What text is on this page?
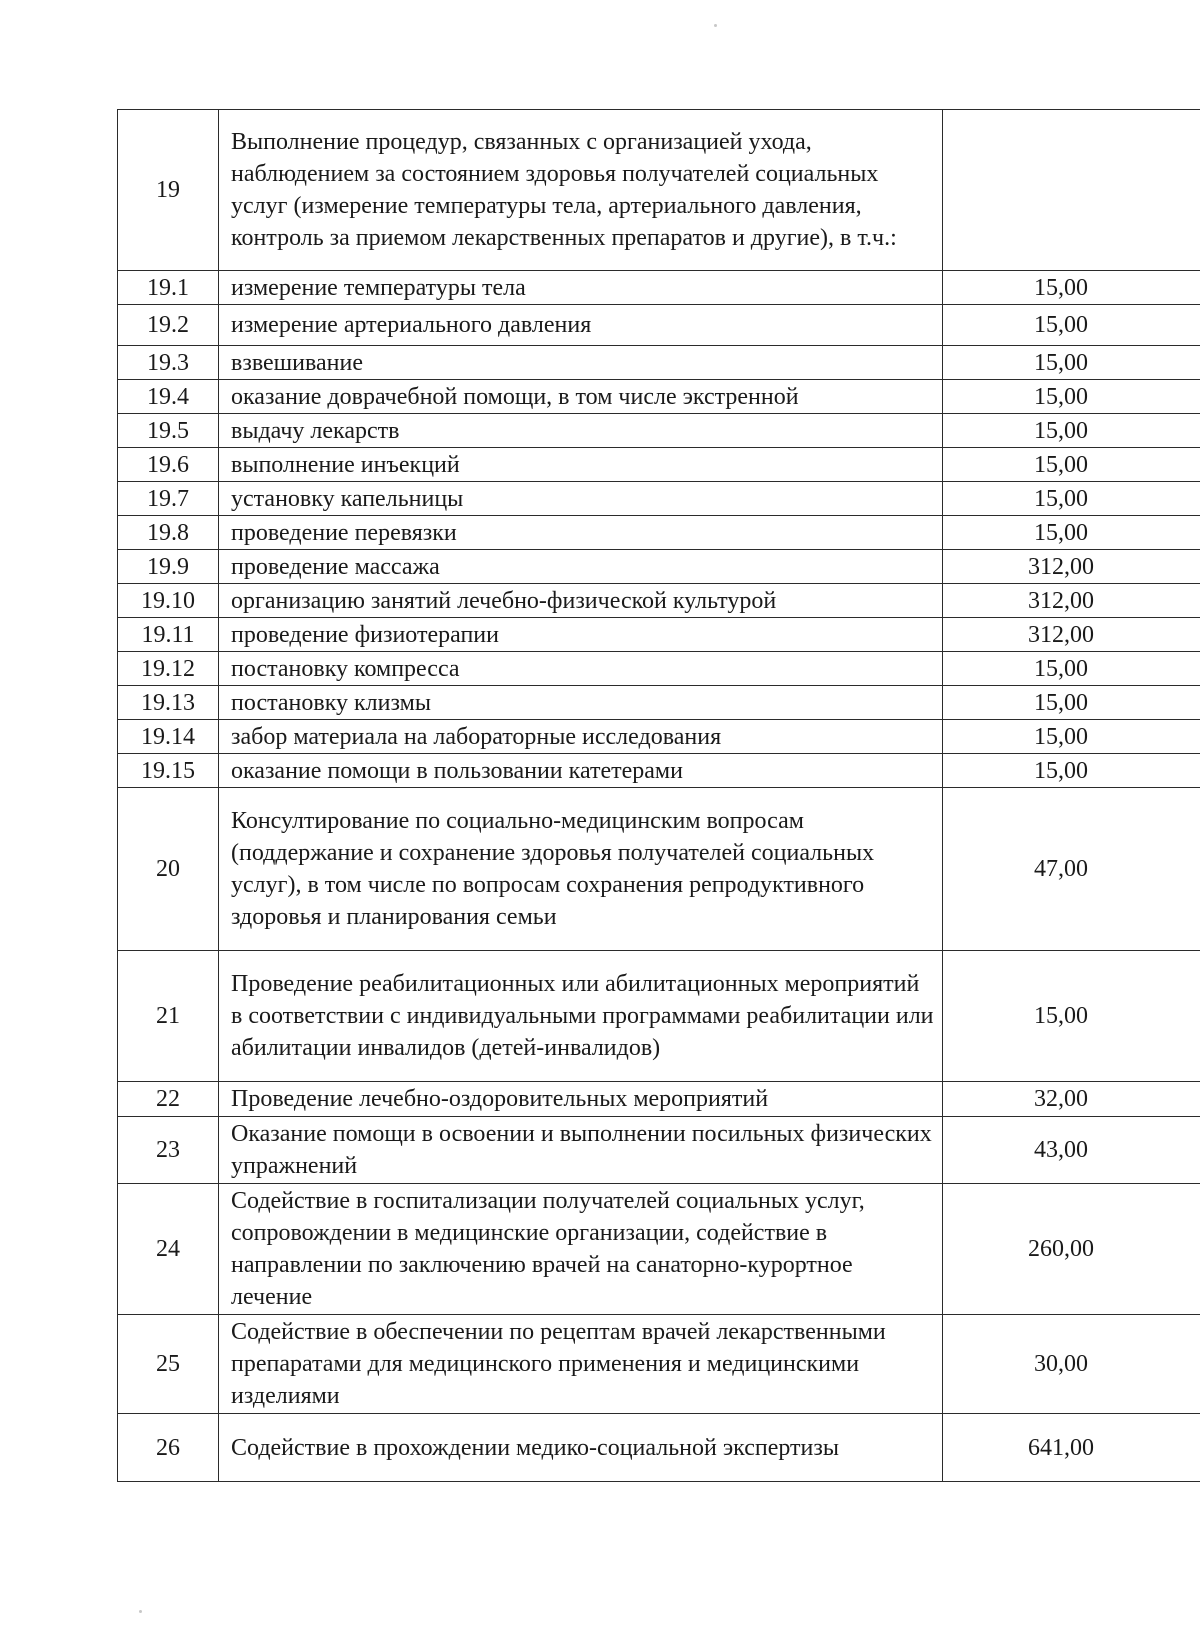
19	Выполнение процедур, связанных с организацией ухода, наблюдением за состоянием здоровья получателей социальных услуг (измерение температуры тела, артериального давления, контроль за приемом лекарственных препаратов и другие), в т.ч.:	
19.1	измерение температуры тела	15,00
19.2	измерение артериального давления	15,00
19.3	взвешивание	15,00
19.4	оказание доврачебной помощи, в том числе экстренной	15,00
19.5	выдачу лекарств	15,00
19.6	выполнение инъекций	15,00
19.7	установку капельницы	15,00
19.8	проведение перевязки	15,00
19.9	проведение массажа	312,00
19.10	организацию занятий лечебно-физической культурой	312,00
19.11	проведение физиотерапии	312,00
19.12	постановку компресса	15,00
19.13	постановку клизмы	15,00
19.14	забор материала на лабораторные исследования	15,00
19.15	оказание помощи в пользовании катетерами	15,00
20	Консултирование по социально-медицинским вопросам (поддержание и сохранение здоровья получателей социальных услуг), в том числе по вопросам сохранения репродуктивного здоровья и планирования семьи	47,00
21	Проведение реабилитационных или абилитационных мероприятий в соответствии с индивидуальными программами реабилитации или абилитации инвалидов (детей-инвалидов)	15,00
22	Проведение лечебно-оздоровительных мероприятий	32,00
23	Оказание помощи в освоении и выполнении посильных физических упражнений	43,00
24	Содействие в госпитализации получателей социальных услуг, сопровождении в медицинские организации, содействие в направлении по заключению врачей на санаторно-курортное лечение	260,00
25	Содействие в обеспечении по рецептам врачей лекарственными препаратами для медицинского применения и медицинскими изделиями	30,00
26	Содействие в прохождении медико-социальной экспертизы	641,00
